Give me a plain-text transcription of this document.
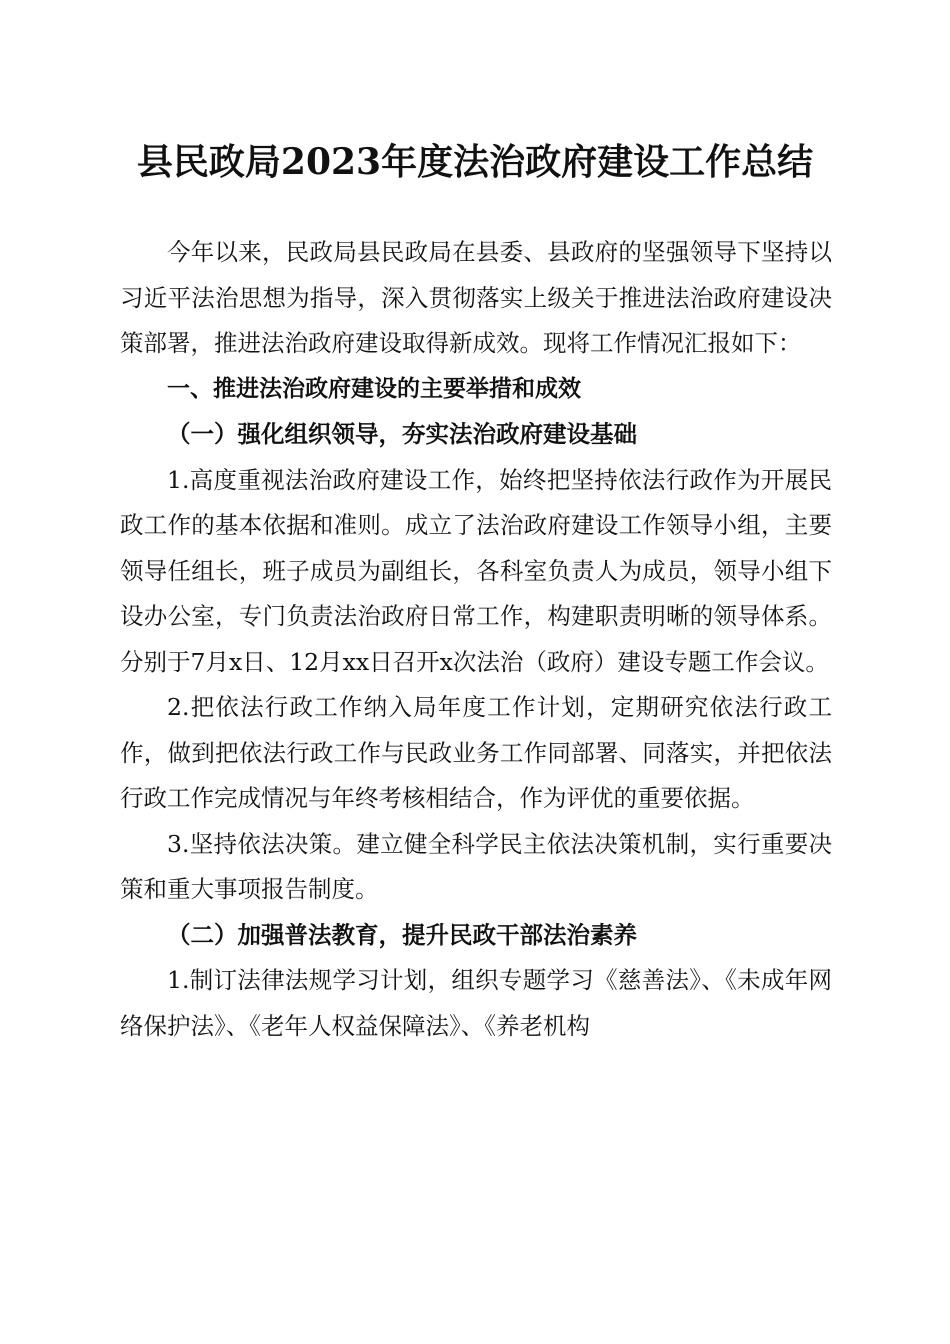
县民政局2023年度法治政府建设工作总结

今年以来，民政局县民政局在县委、县政府的坚强领导下坚持以习近平法治思想为指导，深入贯彻落实上级关于推进法治政府建设决策部署，推进法治政府建设取得新成效。现将工作情况汇报如下：

一、推进法治政府建设的主要举措和成效

（一）强化组织领导，夯实法治政府建设基础

1.高度重视法治政府建设工作，始终把坚持依法行政作为开展民政工作的基本依据和准则。成立了法治政府建设工作领导小组，主要领导任组长，班子成员为副组长，各科室负责人为成员，领导小组下设办公室，专门负责法治政府日常工作，构建职责明晰的领导体系。分别于7月x日、12月xx日召开x次法治（政府）建设专题工作会议。

2.把依法行政工作纳入局年度工作计划，定期研究依法行政工作，做到把依法行政工作与民政业务工作同部署、同落实，并把依法行政工作完成情况与年终考核相结合，作为评优的重要依据。

3.坚持依法决策。建立健全科学民主依法决策机制，实行重要决策和重大事项报告制度。

（二）加强普法教育，提升民政干部法治素养

1.制订法律法规学习计划，组织专题学习《慈善法》、《未成年网络保护法》、《老年人权益保障法》、《养老机构
